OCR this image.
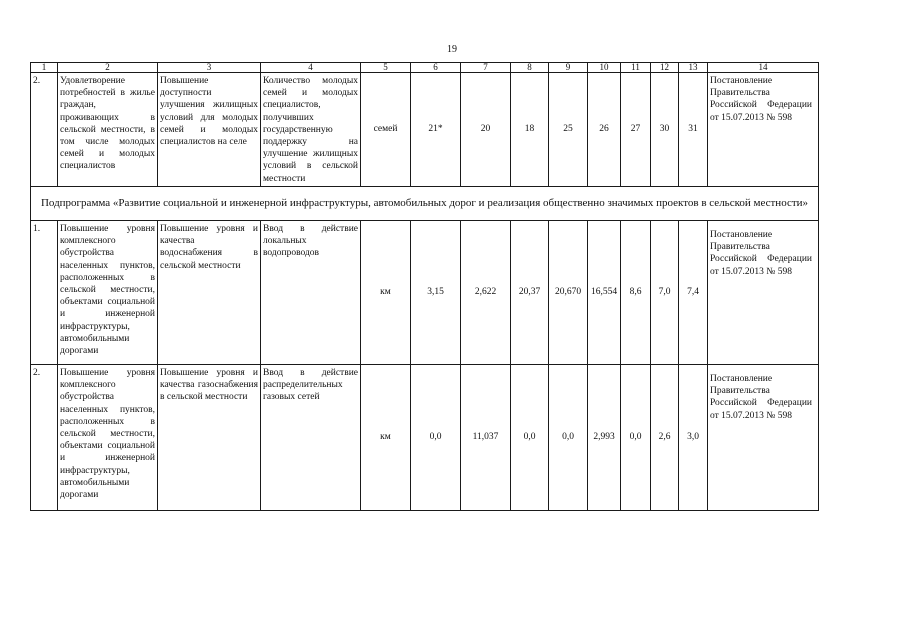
19
1	2	3	4	5	6	7	8	9	10	11	12	13	14
2.	Удовлетворение потребностей в жилье граждан, проживающих в сельской местности, в том числе молодых семей и молодых специалистов	Повышение доступности улучшения жилищных условий для молодых семей и молодых специалистов на селе	Количество молодых семей и молодых специалистов, получивших государственную поддержку на улучшение жилищных условий в сельской местности	семей	21*	20	18	25	26	27	30	31	Постановление Правительства Российской Федерации от 15.07.2013 № 598
Подпрограмма «Развитие социальной и инженерной инфраструктуры, автомобильных дорог и реализация общественно значимых проектов в сельской местности»													
1.	Повышение уровня комплексного обустройства населенных пунктов, расположенных в сельской местности, объектами социальной и инженерной инфраструктуры, автомобильными дорогами	Повышение уровня и качества водоснабжения в сельской местности	Ввод в действие локальных водопроводов	км	3,15	2,622	20,37	20,670	16,554	8,6	7,0	7,4	Постановление Правительства Российской Федерации от 15.07.2013 № 598
2.	Повышение уровня комплексного обустройства населенных пунктов, расположенных в сельской местности, объектами социальной и инженерной инфраструктуры, автомобильными дорогами	Повышение уровня и качества газоснабжения в сельской местности	Ввод в действие распределительных газовых сетей	км	0,0	11,037	0,0	0,0	2,993	0,0	2,6	3,0	Постановление Правительства Российской Федерации от 15.07.2013 № 598
